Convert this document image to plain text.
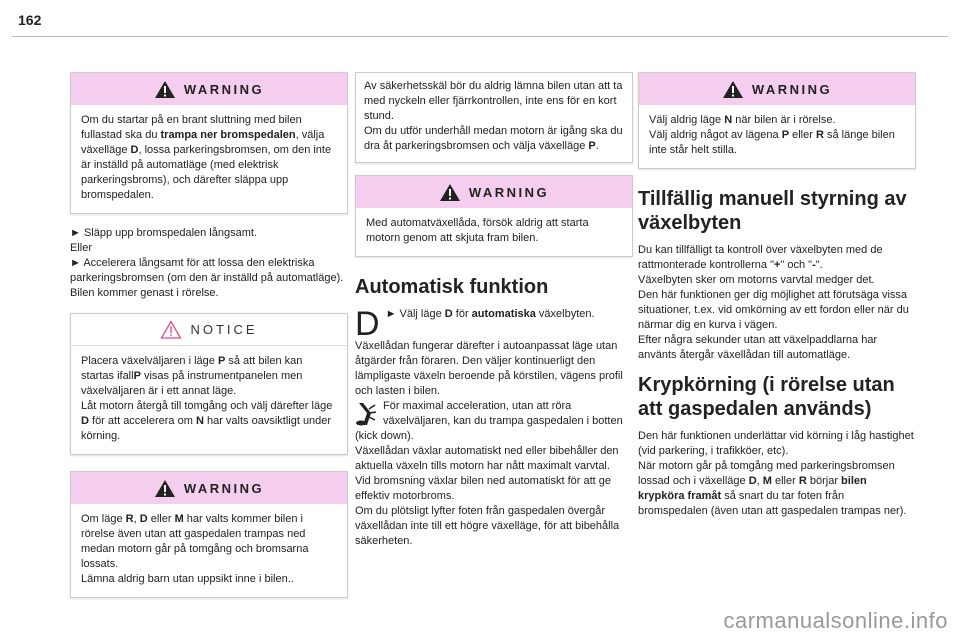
162
WARNING

Om du startar på en brant sluttning med bilen fullastad ska du trampa ner bromspedalen, välja växelläge D, lossa parkeringsbromsen, om den inte är inställd på automatläge (med elektrisk parkeringsbroms), och därefter släppa upp bromspedalen.

► Släpp upp bromspedalen långsamt.

Eller

► Accelerera långsamt för att lossa den elektriska parkeringsbromsen (om den är inställd på automatläge).

Bilen kommer genast i rörelse.

NOTICE

Placera växelväljaren i läge P så att bilen kan startas ifallP visas på instrumentpanelen men växelväljaren är i ett annat läge.

Låt motorn återgå till tomgång och välj därefter läge D för att accelerera om N har valts oavsiktligt under körning.

WARNING

Om läge R, D eller M har valts kommer bilen i rörelse även utan att gaspedalen trampas ned medan motorn går på tomgång och bromsarna lossats.

Lämna aldrig barn utan uppsikt inne i bilen..

Av säkerhetsskäl bör du aldrig lämna bilen utan att ta med nyckeln eller fjärrkontrollen, inte ens för en kort stund.

Om du utför underhåll medan motorn är igång ska du dra åt parkeringsbromsen och välja växelläge P.

WARNING

Med automatväxellåda, försök aldrig att starta motorn genom att skjuta fram bilen.

Automatisk funktion
D ► Välj läge D för automatiska växelbyten.

Växellådan fungerar därefter i autoanpassat läge utan åtgärder från föraren. Den väljer kontinuerligt den lämpligaste växeln beroende på körstilen, vägens profil och lasten i bilen.

För maximal acceleration, utan att röra växelväljaren, kan du trampa gaspedalen i botten (kick down).

Växellådan växlar automatiskt ned eller bibehåller den aktuella växeln tills motorn har nått maximalt varvtal.

Vid bromsning växlar bilen ned automatiskt för att ge effektiv motorbroms.

Om du plötsligt lyfter foten från gaspedalen övergår växellådan inte till ett högre växelläge, för att bibehålla säkerheten.

WARNING

Välj aldrig läge N när bilen är i rörelse.

Välj aldrig något av lägena P eller R så länge bilen inte står helt stilla.

Tillfällig manuell styrning av växelbyten

Du kan tillfälligt ta kontroll över växelbyten med de rattmonterade kontrollerna "+" och "-".

Växelbyten sker om motorns varvtal medger det.

Den här funktionen ger dig möjlighet att förutsäga vissa situationer, t.ex. vid omkörning av ett fordon eller när du närmar dig en kurva i vägen.

Efter några sekunder utan att växelpaddlarna har använts återgår växellådan till automatläge.

Krypkörning (i rörelse utan att gaspedalen används)

Den här funktionen underlättar vid körning i låg hastighet (vid parkering, i trafikköer, etc).

När motorn går på tomgång med parkeringsbromsen lossad och i växelläge D, M eller R börjar bilen krypköra framåt så snart du tar foten från bromspedalen (även utan att gaspedalen trampas ner).

carmanualsonline.info
